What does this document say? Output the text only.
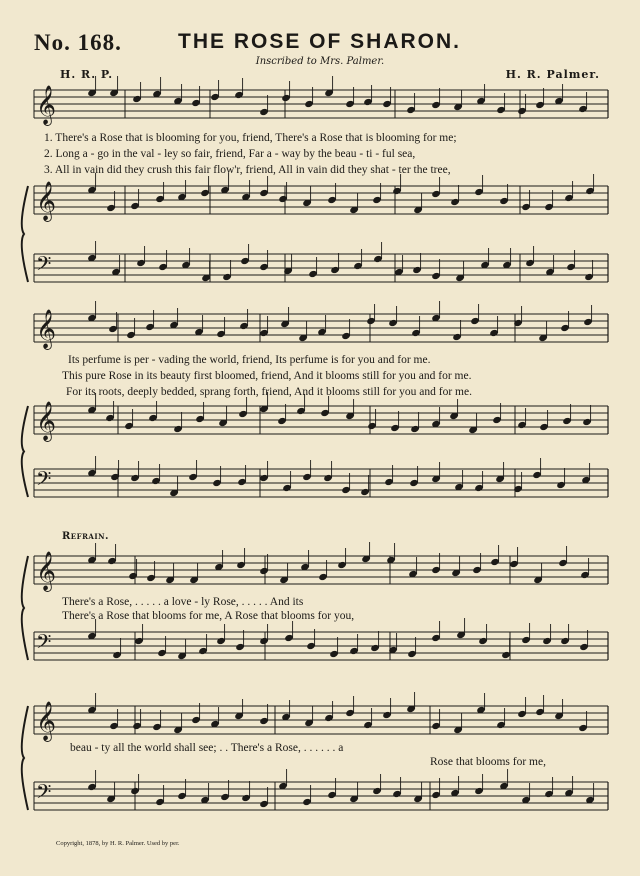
No. 168.	THE ROSE OF SHARON.
Inscribed to Mrs. Palmer.
H. R. P.	H. R. Palmer.
𝄞
𝄞
𝄢
𝄞
𝄞
𝄢
𝄞
𝄢
𝄞
𝄢
1. There's a Rose that is blooming for you, friend, There's a Rose that is blooming for me;
2. Long a - go in the val - ley so fair, friend, Far a - way by the beau - ti - ful sea,
3. All in vain did they crush this fair flow'r, friend, All in vain did they shat - ter the tree,
Its perfume is per - vading the world, friend, Its perfume is for you and for me.
This pure Rose in its beauty first bloomed, friend, And it blooms still for you and for me.
For its roots, deeply bedded, sprang forth, friend, And it blooms still for you and for me.
Refrain.
There's a Rose, . . . . . a love - ly Rose, . . . . . And its
There's a Rose that blooms for me, A Rose that blooms for you,
beau - ty all the world shall see; . . There's a Rose, . . . . . . a
Rose that blooms for me,
Copyright, 1878, by H. R. Palmer. Used by per.
